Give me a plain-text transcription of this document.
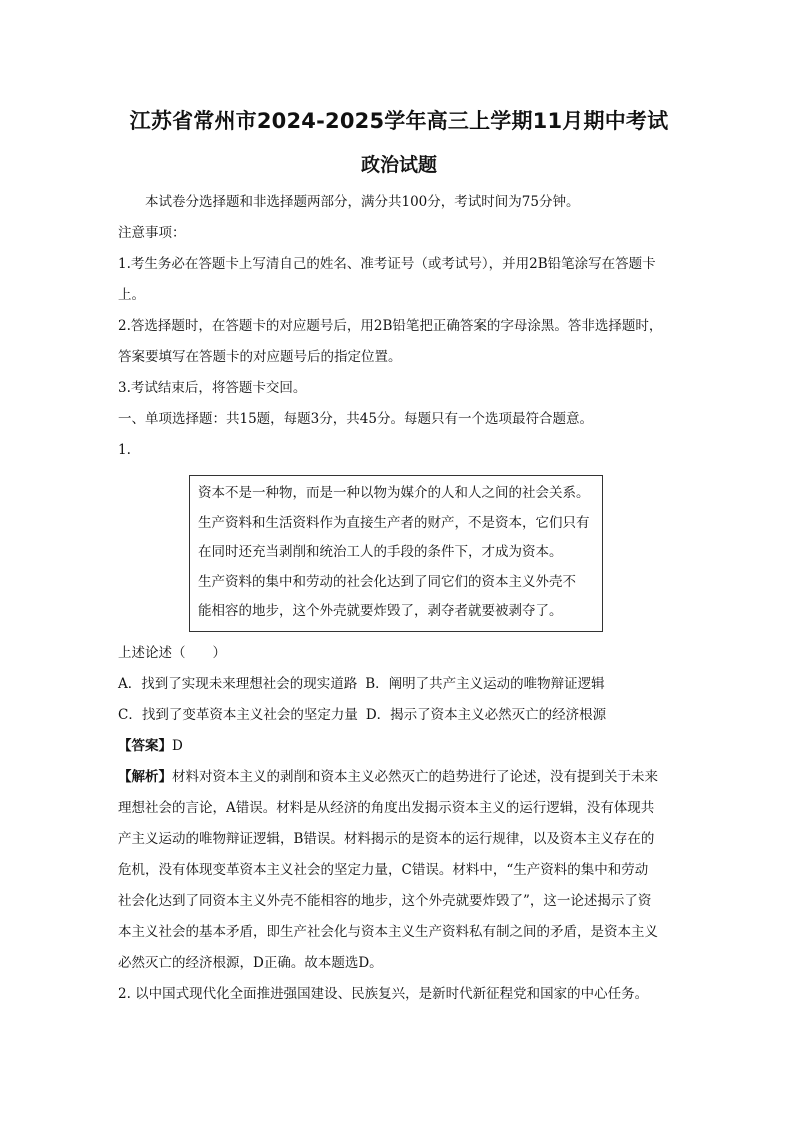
江苏省常州市2024-2025学年高三上学期11月期中考试
政治试题

本试卷分选择题和非选择题两部分，满分共100分，考试时间为75分钟。

注意事项：

1.考生务必在答题卡上写清自己的姓名、准考证号（或考试号），并用2B铅笔涂写在答题卡

上。

2.答选择题时，在答题卡的对应题号后，用2B铅笔把正确答案的字母涂黑。答非选择题时，

答案要填写在答题卡的对应题号后的指定位置。

3.考试结束后，将答题卡交回。

一、单项选择题：共15题，每题3分，共45分。每题只有一个选项最符合题意。

1.

资本不是一种物，而是一种以物为媒介的人和人之间的社会关系。

生产资料和生活资料作为直接生产者的财产，不是资本，它们只有

在同时还充当剥削和统治工人的手段的条件下，才成为资本。

生产资料的集中和劳动的社会化达到了同它们的资本主义外壳不

能相容的地步，这个外壳就要炸毁了，剥夺者就要被剥夺了。

上述论述（　　）

A．找到了实现未来理想社会的现实道路 B．阐明了共产主义运动的唯物辩证逻辑
C．找到了变革资本主义社会的坚定力量 D．揭示了资本主义必然灭亡的经济根源

【答案】D

【解析】材料对资本主义的剥削和资本主义必然灭亡的趋势进行了论述，没有提到关于未来

理想社会的言论，A错误。材料是从经济的角度出发揭示资本主义的运行逻辑，没有体现共

产主义运动的唯物辩证逻辑，B错误。材料揭示的是资本的运行规律，以及资本主义存在的

危机，没有体现变革资本主义社会的坚定力量，C错误。材料中，“生产资料的集中和劳动

社会化达到了同资本主义外壳不能相容的地步，这个外壳就要炸毁了”，这一论述揭示了资

本主义社会的基本矛盾，即生产社会化与资本主义生产资料私有制之间的矛盾，是资本主义

必然灭亡的经济根源，D正确。故本题选D。

2. 以中国式现代化全面推进强国建设、民族复兴，是新时代新征程党和国家的中心任务。
